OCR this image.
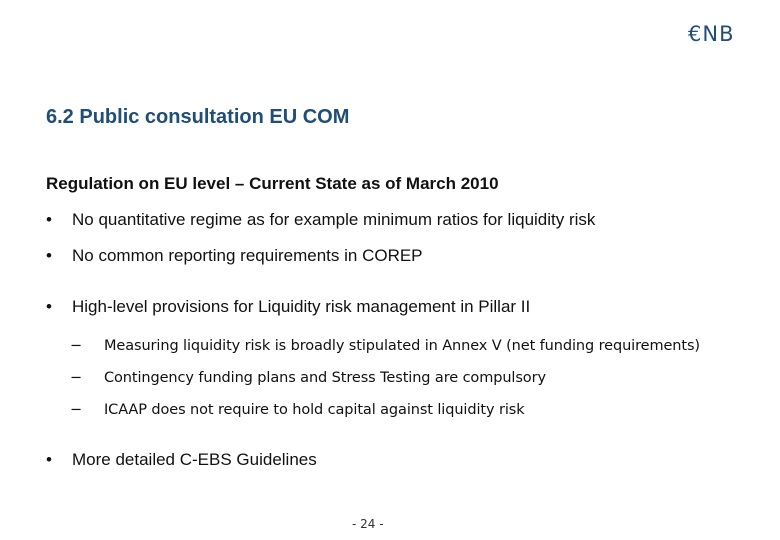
€NB
6.2 Public consultation EU COM
Regulation on EU level – Current State as of March 2010
• No quantitative regime as for example minimum ratios for liquidity risk
• No common reporting requirements in COREP
• High-level provisions for Liquidity risk management in Pillar II
− Measuring liquidity risk is broadly stipulated in Annex V (net funding requirements)
− Contingency funding plans and Stress Testing are compulsory
− ICAAP does not require to hold capital against liquidity risk
• More detailed C-EBS Guidelines
- 24 -
